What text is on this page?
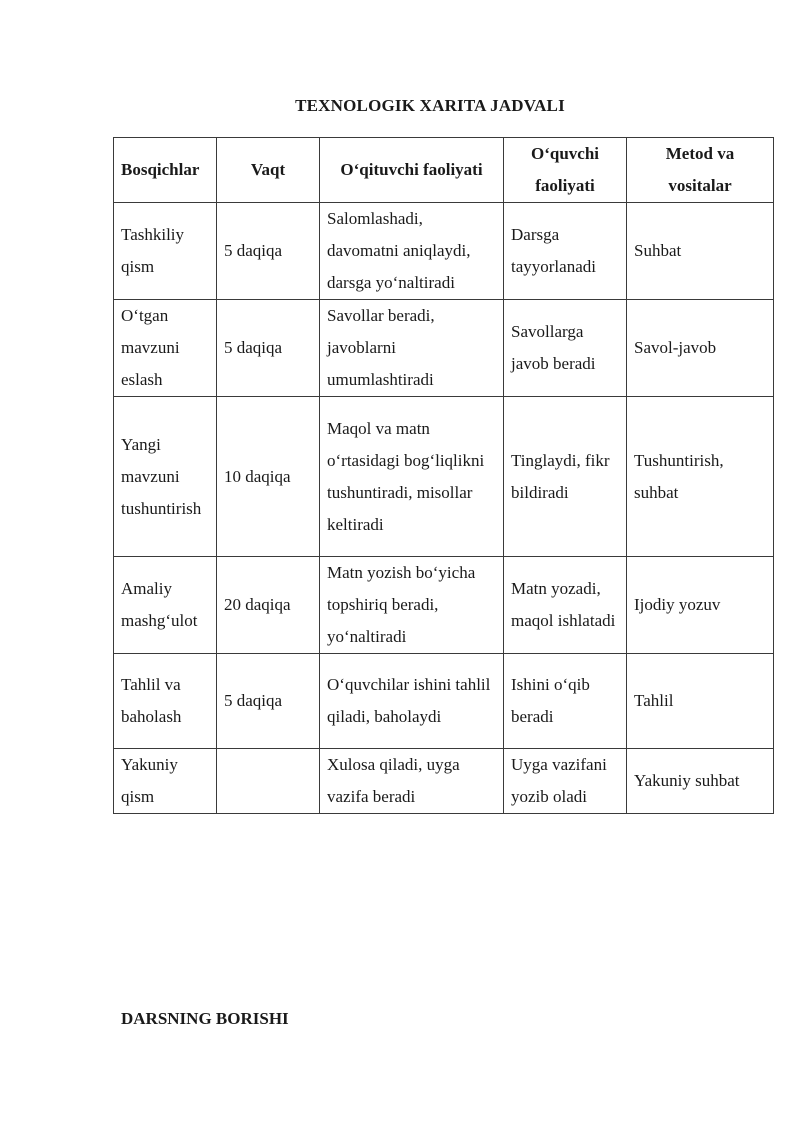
TEXNOLOGIK XARITA JADVALI
Bosqichlar	Vaqt	O‘qituvchi faoliyati	O‘quvchi faoliyati	Metod va vositalar
Tashkiliy qism	5 daqiqa	Salomlashadi, davomatni aniqlaydi, darsga yo‘naltiradi	Darsga tayyorlanadi	Suhbat
O‘tgan mavzuni eslash	5 daqiqa	Savollar beradi, javoblarni umumlashtiradi	Savollarga javob beradi	Savol-javob
Yangi mavzuni tushuntirish	10 daqiqa	Maqol va matn o‘rtasidagi bog‘liqlikni tushuntiradi, misollar keltiradi	Tinglaydi, fikr bildiradi	Tushuntirish, suhbat
Amaliy mashg‘ulot	20 daqiqa	Matn yozish bo‘yicha topshiriq beradi, yo‘naltiradi	Matn yozadi, maqol ishlatadi	Ijodiy yozuv
Tahlil va baholash	5 daqiqa	O‘quvchilar ishini tahlil qiladi, baholaydi	Ishini o‘qib beradi	Tahlil
Yakuniy qism		Xulosa qiladi, uyga vazifa beradi	Uyga vazifani yozib oladi	Yakuniy suhbat
DARSNING BORISHI
